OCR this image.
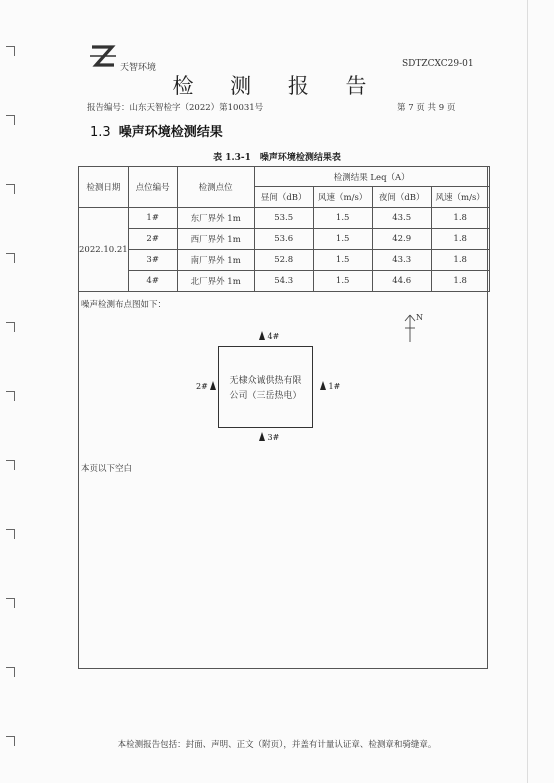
天智环境	SDTZCXC29-01
检 测 报 告
报告编号：山东天智检字（2022）第10031号	第 7 页 共 9 页
1.3 噪声环境检测结果
表 1.3-1　噪声环境检测结果表
检测日期	点位编号	检测点位	检测结果 Leq（A）			
			昼间（dB）	风速（m/s）	夜间（dB）	风速（m/s）
2022.10.21	1#	东厂界外 1m	53.5	1.5	43.5	1.8
	2#	西厂界外 1m	53.6	1.5	42.9	1.8
	3#	南厂界外 1m	52.8	1.5	43.3	1.8
	4#	北厂界外 1m	54.3	1.5	44.6	1.8
噪声检测布点图如下：
无棣众诚供热有限
公司（三岳热电）
4#
2#	1#
3#
N
本页以下空白
本检测报告包括：封面、声明、正文（附页），并盖有计量认证章、检测章和骑缝章。
